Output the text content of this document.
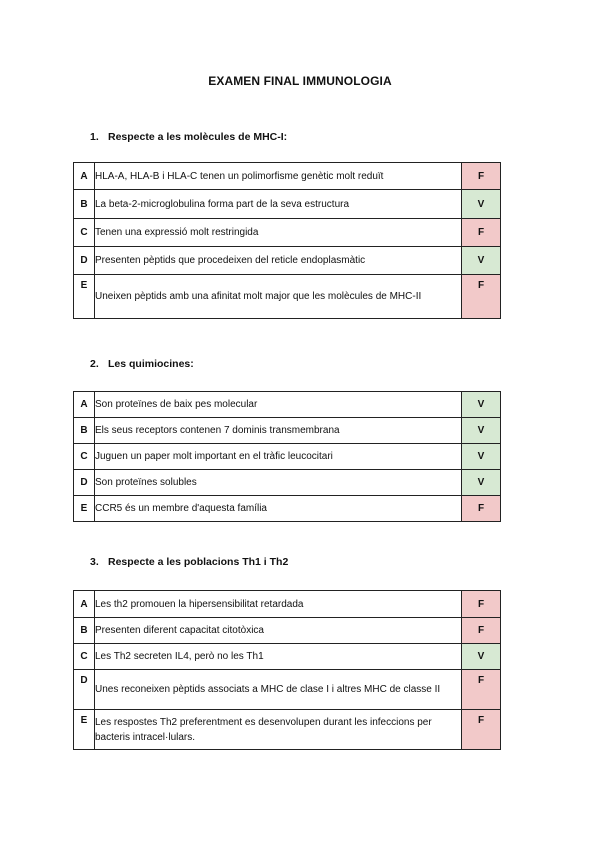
EXAMEN FINAL IMMUNOLOGIA
1. Respecte a les molècules de MHC-I:
A	HLA-A, HLA-B i HLA-C tenen un polimorfisme genètic molt reduït	F
B	La beta-2-microglobulina forma part de la seva estructura	V
C	Tenen una expressió molt restringida	F
D	Presenten pèptids que procedeixen del reticle endoplasmàtic	V
E	Uneixen pèptids amb una afinitat molt major que les molècules de MHC-II	F
2. Les quimiocines:
A	Son proteïnes de baix pes molecular	V
B	Els seus receptors contenen 7 dominis transmembrana	V
C	Juguen un paper molt important en el tràfic leucocitari	V
D	Son proteïnes solubles	V
E	CCR5 és un membre d'aquesta família	F
3. Respecte a les poblacions Th1 i Th2
A	Les th2 promouen la hipersensibilitat retardada	F
B	Presenten diferent capacitat citotòxica	F
C	Les Th2 secreten IL4, però no les Th1	V
D	Unes reconeixen pèptids associats a MHC de clase I i altres MHC de classe II	F
E	Les respostes Th2 preferentment es desenvolupen durant les infeccions per bacteris intracel·lulars.	F
